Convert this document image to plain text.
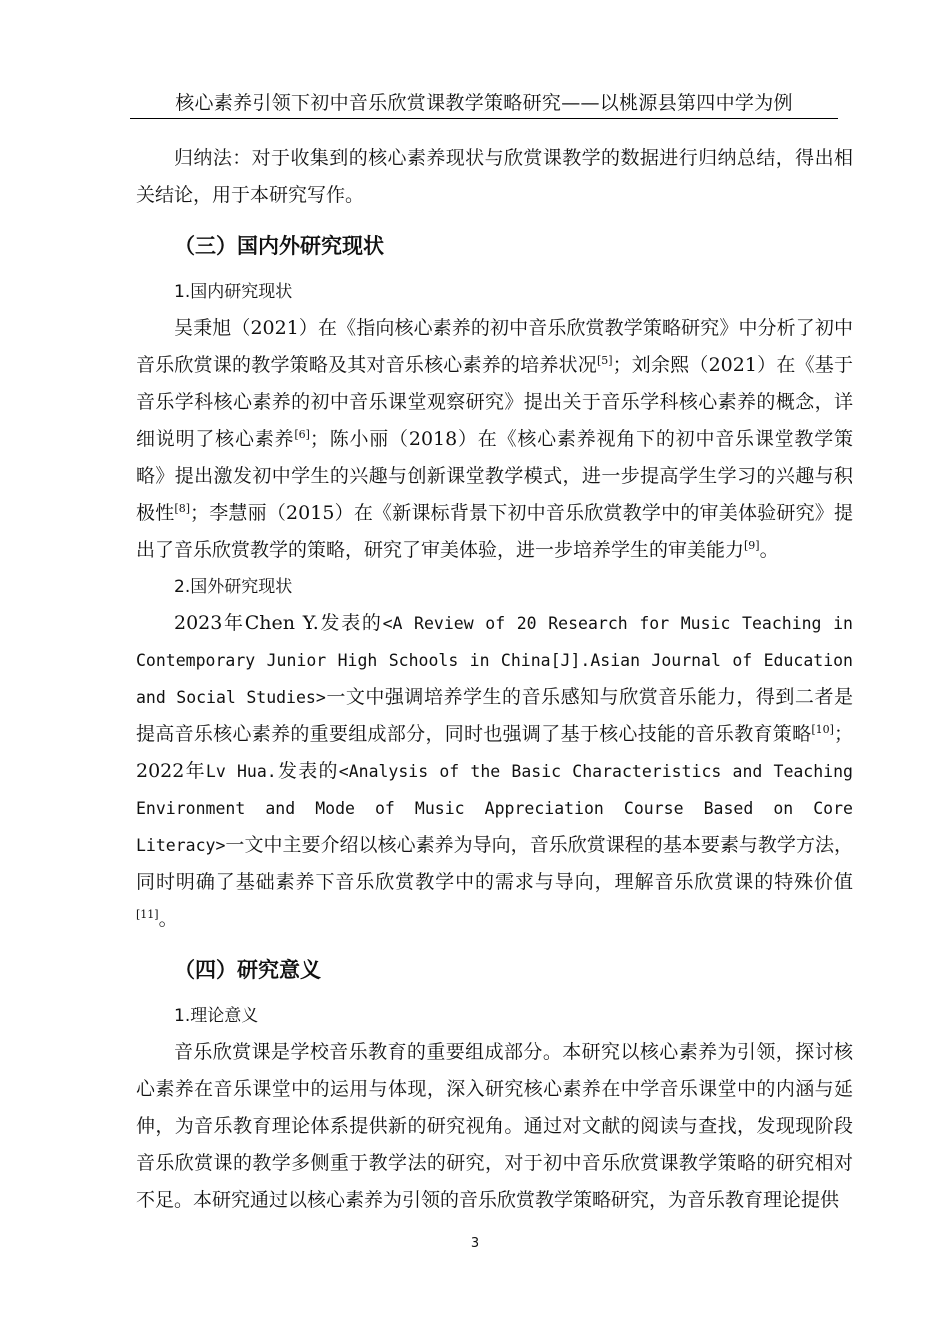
核心素养引领下初中音乐欣赏课教学策略研究——以桃源县第四中学为例

归纳法：对于收集到的核心素养现状与欣赏课教学的数据进行归纳总结，得出相关结论，用于本研究写作。

（三）国内外研究现状
1.国内研究现状

吴秉旭（2021）在《指向核心素养的初中音乐欣赏教学策略研究》中分析了初中音乐欣赏课的教学策略及其对音乐核心素养的培养状况[5]；刘余熙（2021）在《基于音乐学科核心素养的初中音乐课堂观察研究》提出关于音乐学科核心素养的概念，详细说明了核心素养[6]；陈小丽（2018）在《核心素养视角下的初中音乐课堂教学策略》提出激发初中学生的兴趣与创新课堂教学模式，进一步提高学生学习的兴趣与积极性[8]；李慧丽（2015）在《新课标背景下初中音乐欣赏教学中的审美体验研究》提出了音乐欣赏教学的策略，研究了审美体验，进一步培养学生的审美能力[9]。

2.国外研究现状

2023年Chen Y.发表的<A Review of 20 Research for Music Teaching in Contemporary Junior High Schools in China[J].Asian Journal of Education and Social Studies>一文中强调培养学生的音乐感知与欣赏音乐能力，得到二者是提高音乐核心素养的重要组成部分，同时也强调了基于核心技能的音乐教育策略[10]；2022年Lv Hua.发表的<Analysis of the Basic Characteristics and Teaching Environment and Mode of Music Appreciation Course Based on Core Literacy>一文中主要介绍以核心素养为导向，音乐欣赏课程的基本要素与教学方法，同时明确了基础素养下音乐欣赏教学中的需求与导向，理解音乐欣赏课的特殊价值[11]。

（四）研究意义
1.理论意义

音乐欣赏课是学校音乐教育的重要组成部分。本研究以核心素养为引领，探讨核心素养在音乐课堂中的运用与体现，深入研究核心素养在中学音乐课堂中的内涵与延伸，为音乐教育理论体系提供新的研究视角。通过对文献的阅读与查找，发现现阶段音乐欣赏课的教学多侧重于教学法的研究，对于初中音乐欣赏课教学策略的研究相对不足。本研究通过以核心素养为引领的音乐欣赏教学策略研究，为音乐教育理论提供

3
